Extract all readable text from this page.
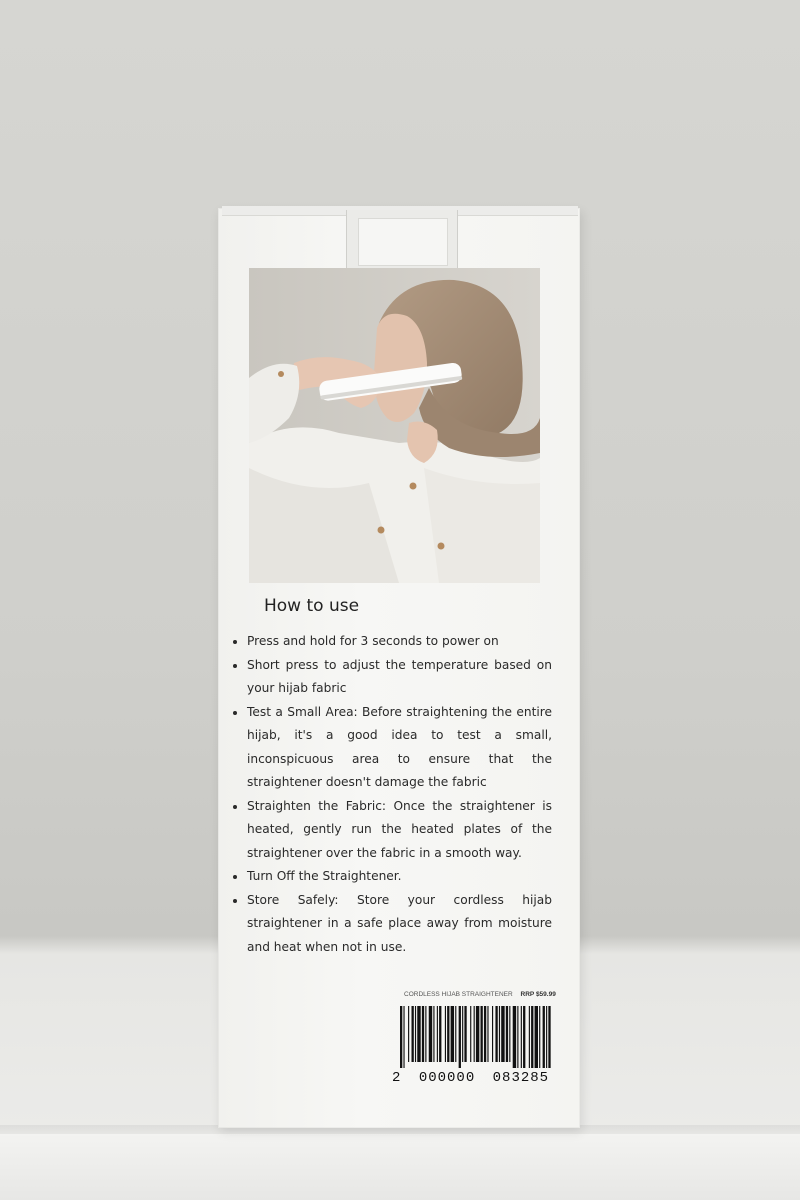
How to use
Press and hold for 3 seconds to power on
Short press to adjust the temperature based on your hijab fabric
Test a Small Area: Before straightening the entire hijab, it's a good idea to test a small, inconspicuous area to ensure that the straightener doesn't damage the fabric
Straighten the Fabric: Once the straightener is heated, gently run the heated plates of the straightener over the fabric in a smooth way.
Turn Off the Straightener.
Store Safely: Store your cordless hijab straightener in a safe place away from moisture and heat when not in use.
CORDLESS HIJAB STRAIGHTENER RRP $59.99
2 000000 083285
